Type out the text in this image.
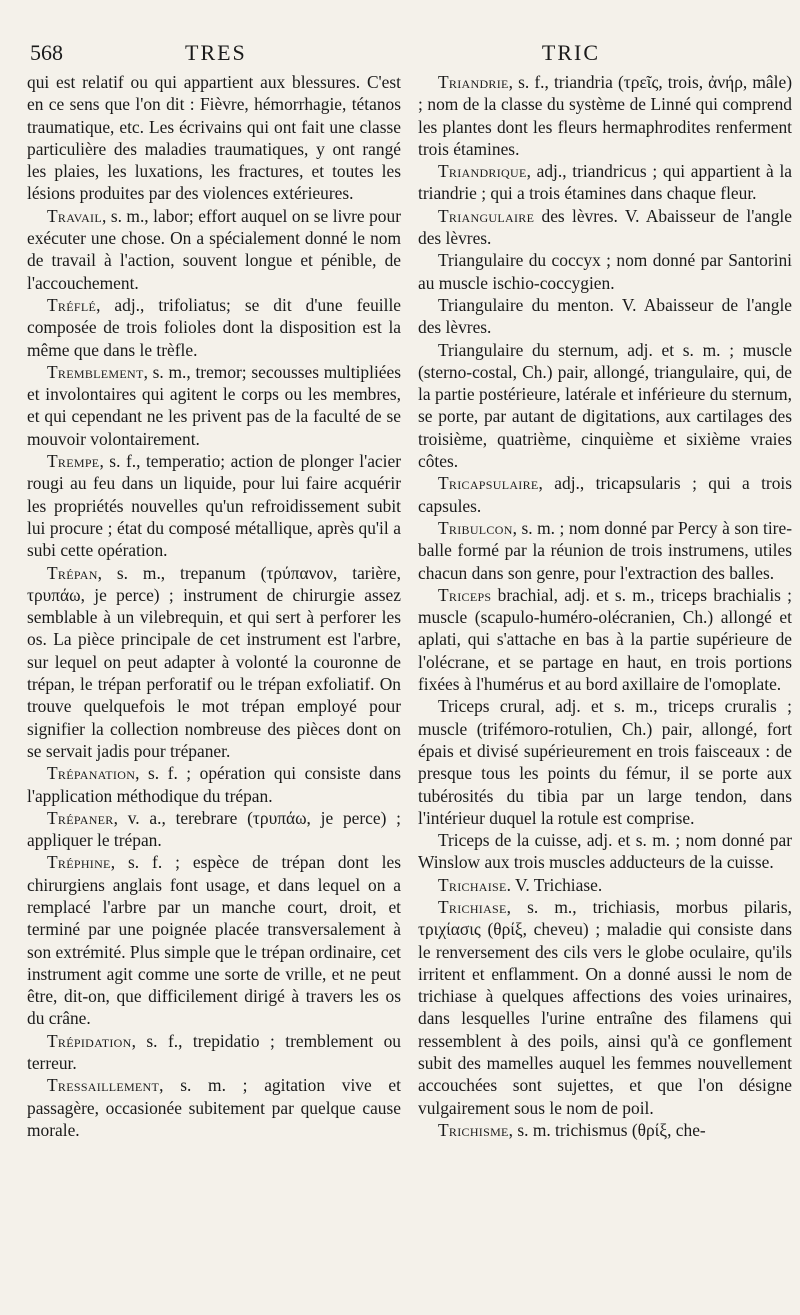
568	TRES	TRIC

qui est relatif ou qui appartient aux blessures. C'est en ce sens que l'on dit : Fièvre, hémorrhagie, tétanos traumatique, etc. Les écrivains qui ont fait une classe particulière des maladies traumatiques, y ont rangé les plaies, les luxations, les fractures, et toutes les lésions produites par des violences extérieures.

Travail, s. m., labor; effort auquel on se livre pour exécuter une chose. On a spécialement donné le nom de travail à l'action, souvent longue et pénible, de l'accouchement.

Tréflé, adj., trifoliatus; se dit d'une feuille composée de trois folioles dont la disposition est la même que dans le trèfle.

Tremblement, s. m., tremor; secousses multipliées et involontaires qui agitent le corps ou les membres, et qui cependant ne les privent pas de la faculté de se mouvoir volontairement.

Trempe, s. f., temperatio; action de plonger l'acier rougi au feu dans un liquide, pour lui faire acquérir les propriétés nouvelles qu'un refroidissement subit lui procure ; état du composé métallique, après qu'il a subi cette opération.

Trépan, s. m., trepanum (τρύπανον, tarière, τρυπάω, je perce) ; instrument de chirurgie assez semblable à un vilebrequin, et qui sert à perforer les os. La pièce principale de cet instrument est l'arbre, sur lequel on peut adapter à volonté la couronne de trépan, le trépan perforatif ou le trépan exfoliatif. On trouve quelquefois le mot trépan employé pour signifier la collection nombreuse des pièces dont on se servait jadis pour trépaner.

Trépanation, s. f. ; opération qui consiste dans l'application méthodique du trépan.

Trépaner, v. a., terebrare (τρυπάω, je perce) ; appliquer le trépan.

Tréphine, s. f. ; espèce de trépan dont les chirurgiens anglais font usage, et dans lequel on a remplacé l'arbre par un manche court, droit, et terminé par une poignée placée transversalement à son extrémité. Plus simple que le trépan ordinaire, cet instrument agit comme une sorte de vrille, et ne peut être, dit-on, que difficilement dirigé à travers les os du crâne.

Trépidation, s. f., trepidatio ; tremblement ou terreur.

Tressaillement, s. m. ; agitation vive et passagère, occasionée subitement par quelque cause morale.

Triandrie, s. f., triandria (τρεῖς, trois, ἀνήρ, mâle) ; nom de la classe du système de Linné qui comprend les plantes dont les fleurs hermaphrodites renferment trois étamines.

Triandrique, adj., triandricus ; qui appartient à la triandrie ; qui a trois étamines dans chaque fleur.

Triangulaire des lèvres. V. Abaisseur de l'angle des lèvres.

Triangulaire du coccyx ; nom donné par Santorini au muscle ischio-coccygien.

Triangulaire du menton. V. Abaisseur de l'angle des lèvres.

Triangulaire du sternum, adj. et s. m. ; muscle (sterno-costal, Ch.) pair, allongé, triangulaire, qui, de la partie postérieure, latérale et inférieure du sternum, se porte, par autant de digitations, aux cartilages des troisième, quatrième, cinquième et sixième vraies côtes.

Tricapsulaire, adj., tricapsularis ; qui a trois capsules.

Tribulcon, s. m. ; nom donné par Percy à son tire-balle formé par la réunion de trois instrumens, utiles chacun dans son genre, pour l'extraction des balles.

Triceps brachial, adj. et s. m., triceps brachialis ; muscle (scapulo-huméro-olécranien, Ch.) allongé et aplati, qui s'attache en bas à la partie supérieure de l'olécrane, et se partage en haut, en trois portions fixées à l'humérus et au bord axillaire de l'omoplate.

Triceps crural, adj. et s. m., triceps cruralis ; muscle (trifémoro-rotulien, Ch.) pair, allongé, fort épais et divisé supérieurement en trois faisceaux : de presque tous les points du fémur, il se porte aux tubérosités du tibia par un large tendon, dans l'intérieur duquel la rotule est comprise.

Triceps de la cuisse, adj. et s. m. ; nom donné par Winslow aux trois muscles adducteurs de la cuisse.

Trichaise. V. Trichiase.

Trichiase, s. m., trichiasis, morbus pilaris, τριχίασις (θρίξ, cheveu) ; maladie qui consiste dans le renversement des cils vers le globe oculaire, qu'ils irritent et enflamment. On a donné aussi le nom de trichiase à quelques affections des voies urinaires, dans lesquelles l'urine entraîne des filamens qui ressemblent à des poils, ainsi qu'à ce gonflement subit des mamelles auquel les femmes nouvellement accouchées sont sujettes, et que l'on désigne vulgairement sous le nom de poil.

Trichisme, s. m. trichismus (θρίξ, che-
